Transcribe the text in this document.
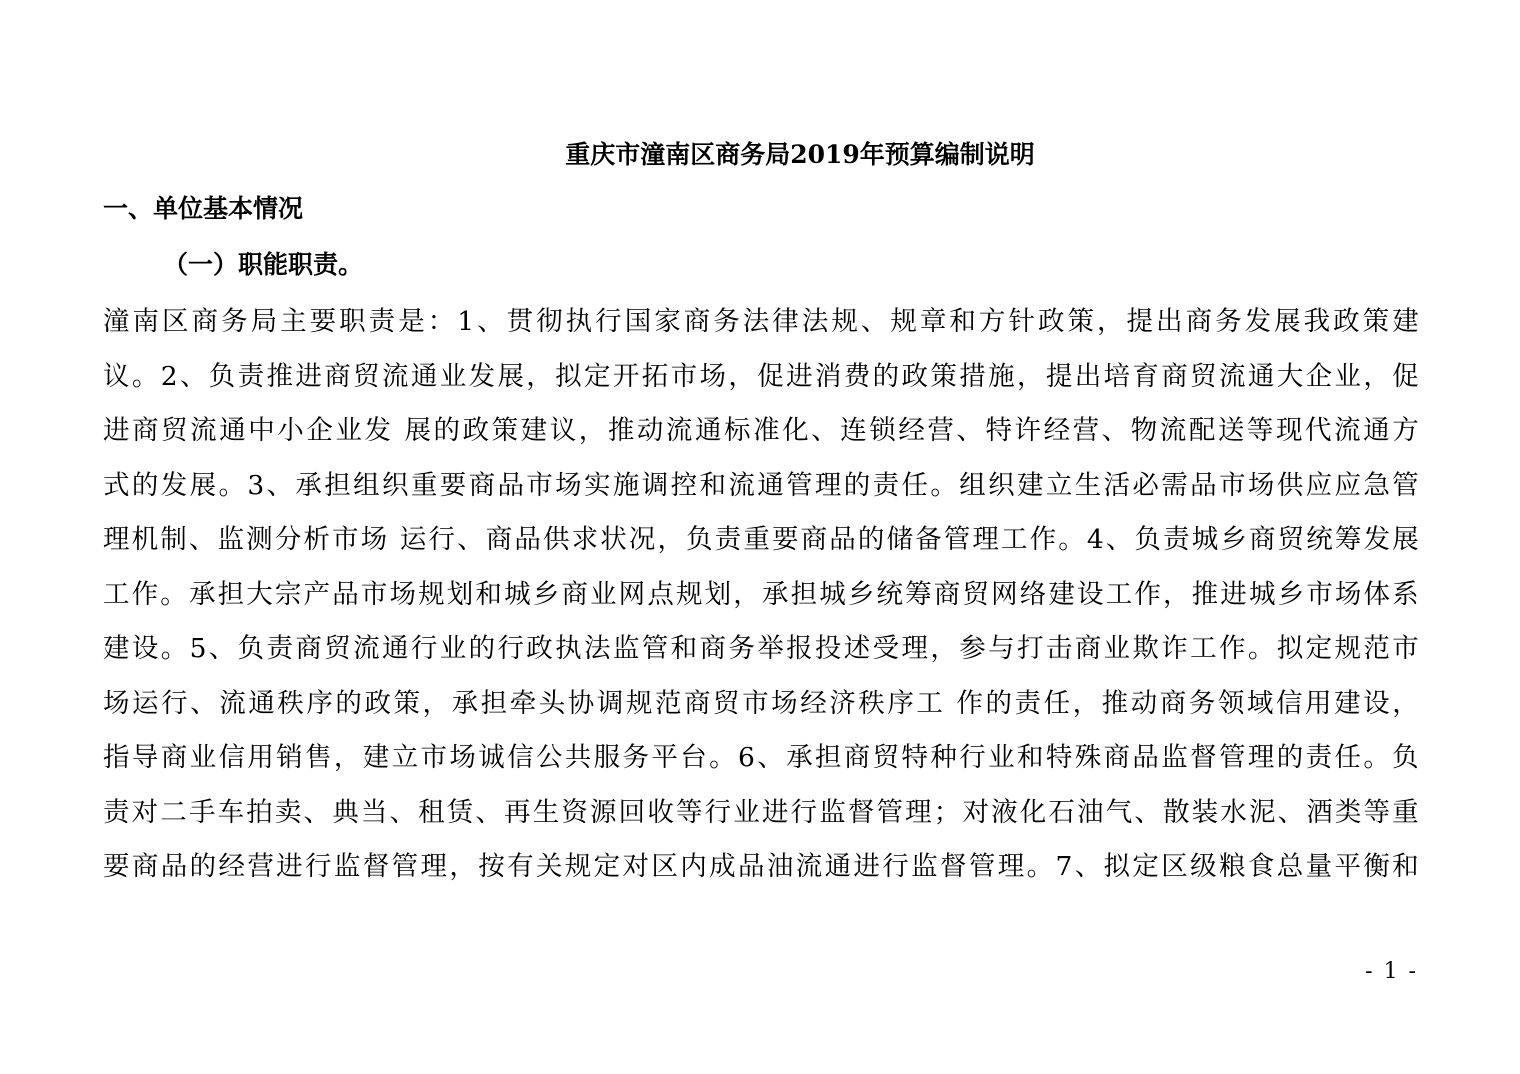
重庆市潼南区商务局2019年预算编制说明
一、单位基本情况
（一）职能职责。
潼南区商务局主要职责是：1、贯彻执行国家商务法律法规、规章和方针政策，提出商务发展我政策建
议。2、负责推进商贸流通业发展，拟定开拓市场，促进消费的政策措施，提出培育商贸流通大企业，促
进商贸流通中小企业发 展的政策建议，推动流通标准化、连锁经营、特许经营、物流配送等现代流通方
式的发展。3、承担组织重要商品市场实施调控和流通管理的责任。组织建立生活必需品市场供应应急管
理机制、监测分析市场 运行、商品供求状况，负责重要商品的储备管理工作。4、负责城乡商贸统筹发展
工作。承担大宗产品市场规划和城乡商业网点规划，承担城乡统筹商贸网络建设工作，推进城乡市场体系
建设。5、负责商贸流通行业的行政执法监管和商务举报投述受理，参与打击商业欺诈工作。拟定规范市
场运行、流通秩序的政策，承担牵头协调规范商贸市场经济秩序工 作的责任，推动商务领域信用建设，
指导商业信用销售，建立市场诚信公共服务平台。6、承担商贸特种行业和特殊商品监督管理的责任。负
责对二手车拍卖、典当、租赁、再生资源回收等行业进行监督管理；对液化石油气、散装水泥、酒类等重
要商品的经营进行监督管理，按有关规定对区内成品油流通进行监督管理。7、拟定区级粮食总量平衡和
- 1 -
